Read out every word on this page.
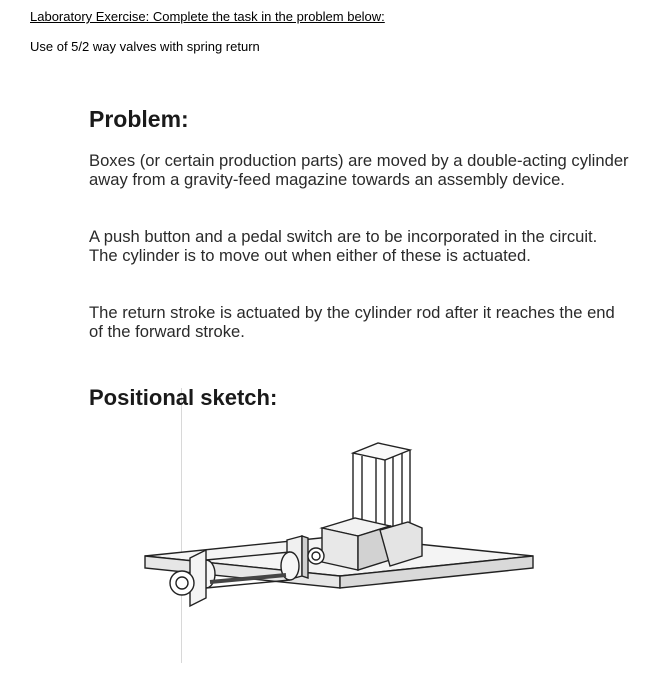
Laboratory Exercise: Complete the task in the problem below:
Use of 5/2 way valves with spring return
Problem:
Boxes (or certain production parts) are moved by a double-acting cylinder away from a gravity-feed magazine towards an assembly device.
A push button and a pedal switch are to be incorporated in the circuit. The cylinder is to move out when either of these is actuated.
The return stroke is actuated by the cylinder rod after it reaches the end of the forward stroke.
Positional sketch:
